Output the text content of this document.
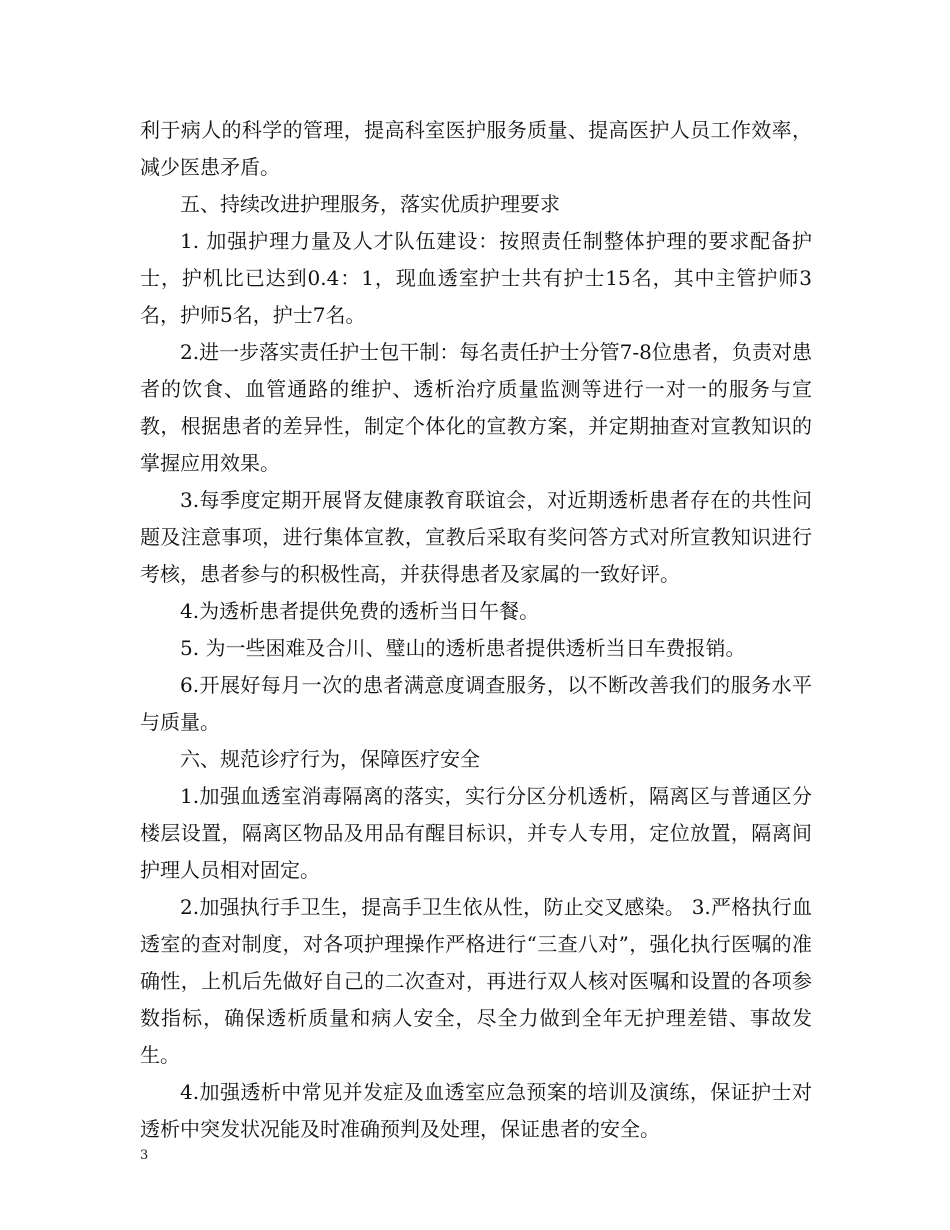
利于病人的科学的管理，提高科室医护服务质量、提高医护人员工作效率，减少医患矛盾。

五、持续改进护理服务，落实优质护理要求

1. 加强护理力量及人才队伍建设：按照责任制整体护理的要求配备护士，护机比已达到0.4：1，现血透室护士共有护士15名，其中主管护师3名，护师5名，护士7名。

2.进一步落实责任护士包干制：每名责任护士分管7-8位患者，负责对患者的饮食、血管通路的维护、透析治疗质量监测等进行一对一的服务与宣教，根据患者的差异性，制定个体化的宣教方案，并定期抽查对宣教知识的掌握应用效果。

3.每季度定期开展肾友健康教育联谊会，对近期透析患者存在的共性问题及注意事项，进行集体宣教，宣教后采取有奖问答方式对所宣教知识进行考核，患者参与的积极性高，并获得患者及家属的一致好评。

4.为透析患者提供免费的透析当日午餐。

5. 为一些困难及合川、璧山的透析患者提供透析当日车费报销。

6.开展好每月一次的患者满意度调查服务，以不断改善我们的服务水平与质量。

六、规范诊疗行为，保障医疗安全

1.加强血透室消毒隔离的落实，实行分区分机透析，隔离区与普通区分楼层设置，隔离区物品及用品有醒目标识，并专人专用，定位放置，隔离间护理人员相对固定。

2.加强执行手卫生，提高手卫生依从性，防止交叉感染。 3.严格执行血透室的查对制度，对各项护理操作严格进行“三查八对”，强化执行医嘱的准确性，上机后先做好自己的二次查对，再进行双人核对医嘱和设置的各项参数指标，确保透析质量和病人安全，尽全力做到全年无护理差错、事故发生。

4.加强透析中常见并发症及血透室应急预案的培训及演练，保证护士对透析中突发状况能及时准确预判及处理，保证患者的安全。

3
